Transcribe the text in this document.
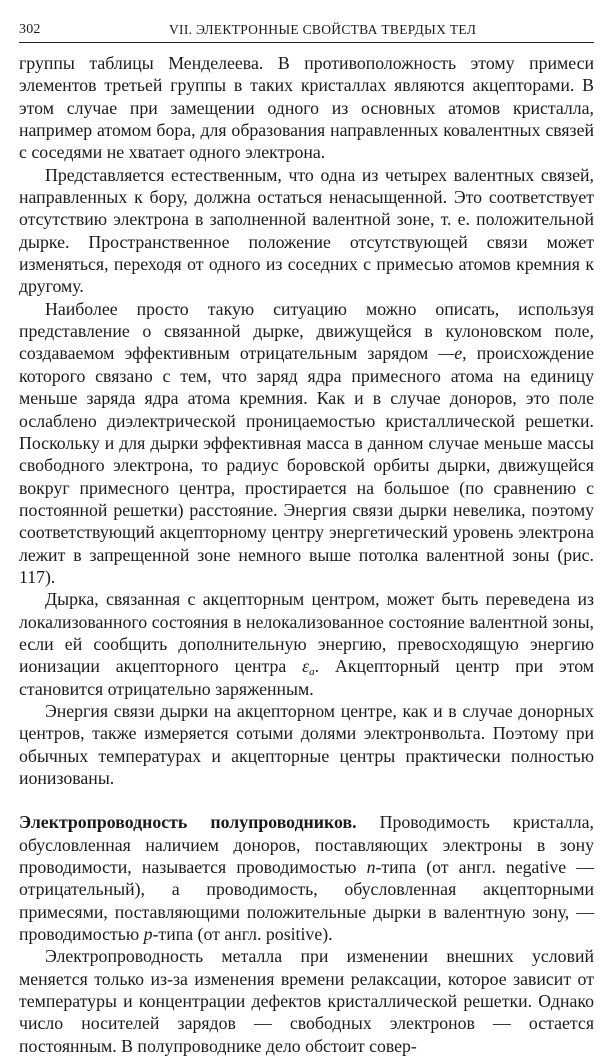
302	VII. ЭЛЕКТРОННЫЕ СВОЙСТВА ТВЕРДЫХ ТЕЛ

группы таблицы Менделеева. В противоположность этому примеси элементов третьей группы в таких кристаллах являются акцепторами. В этом случае при замещении одного из основных атомов кристалла, например атомом бора, для образования направленных ковалентных связей с соседями не хватает одного электрона.

Представляется естественным, что одна из четырех валентных связей, направленных к бору, должна остаться ненасыщенной. Это соответствует отсутствию электрона в заполненной валентной зоне, т. е. положительной дырке. Пространственное положение отсутствующей связи может изменяться, переходя от одного из соседних с примесью атомов кремния к другому.

Наиболее просто такую ситуацию можно описать, используя представление о связанной дырке, движущейся в кулоновском поле, создаваемом эффективным отрицательным зарядом —e, происхождение которого связано с тем, что заряд ядра примесного атома на единицу меньше заряда ядра атома кремния. Как и в случае доноров, это поле ослаблено диэлектрической проницаемостью кристаллической решетки. Поскольку и для дырки эффективная масса в данном случае меньше массы свободного электрона, то радиус боровской орбиты дырки, движущейся вокруг примесного центра, простирается на большое (по сравнению с постоянной решетки) расстояние. Энергия связи дырки невелика, поэтому соответствующий акцепторному центру энергетический уровень электрона лежит в запрещенной зоне немного выше потолка валентной зоны (рис. 117).

Дырка, связанная с акцепторным центром, может быть переведена из локализованного состояния в нелокализованное состояние валентной зоны, если ей сообщить дополнительную энергию, превосходящую энергию ионизации акцепторного центра $\varepsilon_a$. Акцепторный центр при этом становится отрицательно заряженным.

Энергия связи дырки на акцепторном центре, как и в случае донорных центров, также измеряется сотыми долями электронвольта. Поэтому при обычных температурах и акцепторные центры практически полностью ионизованы.

Электропроводность полупроводников. Проводимость кристалла, обусловленная наличием доноров, поставляющих электроны в зону проводимости, называется проводимостью n-типа (от англ. negative — отрицательный), а проводимость, обусловленная акцепторными примесями, поставляющими положительные дырки в валентную зону, — проводимостью p-типа (от англ. positive).

Электропроводность металла при изменении внешних условий меняется только из-за изменения времени релаксации, которое зависит от температуры и концентрации дефектов кристаллической решетки. Однако число носителей зарядов — свободных электронов — остается постоянным. В полупроводнике дело обстоит совер-
